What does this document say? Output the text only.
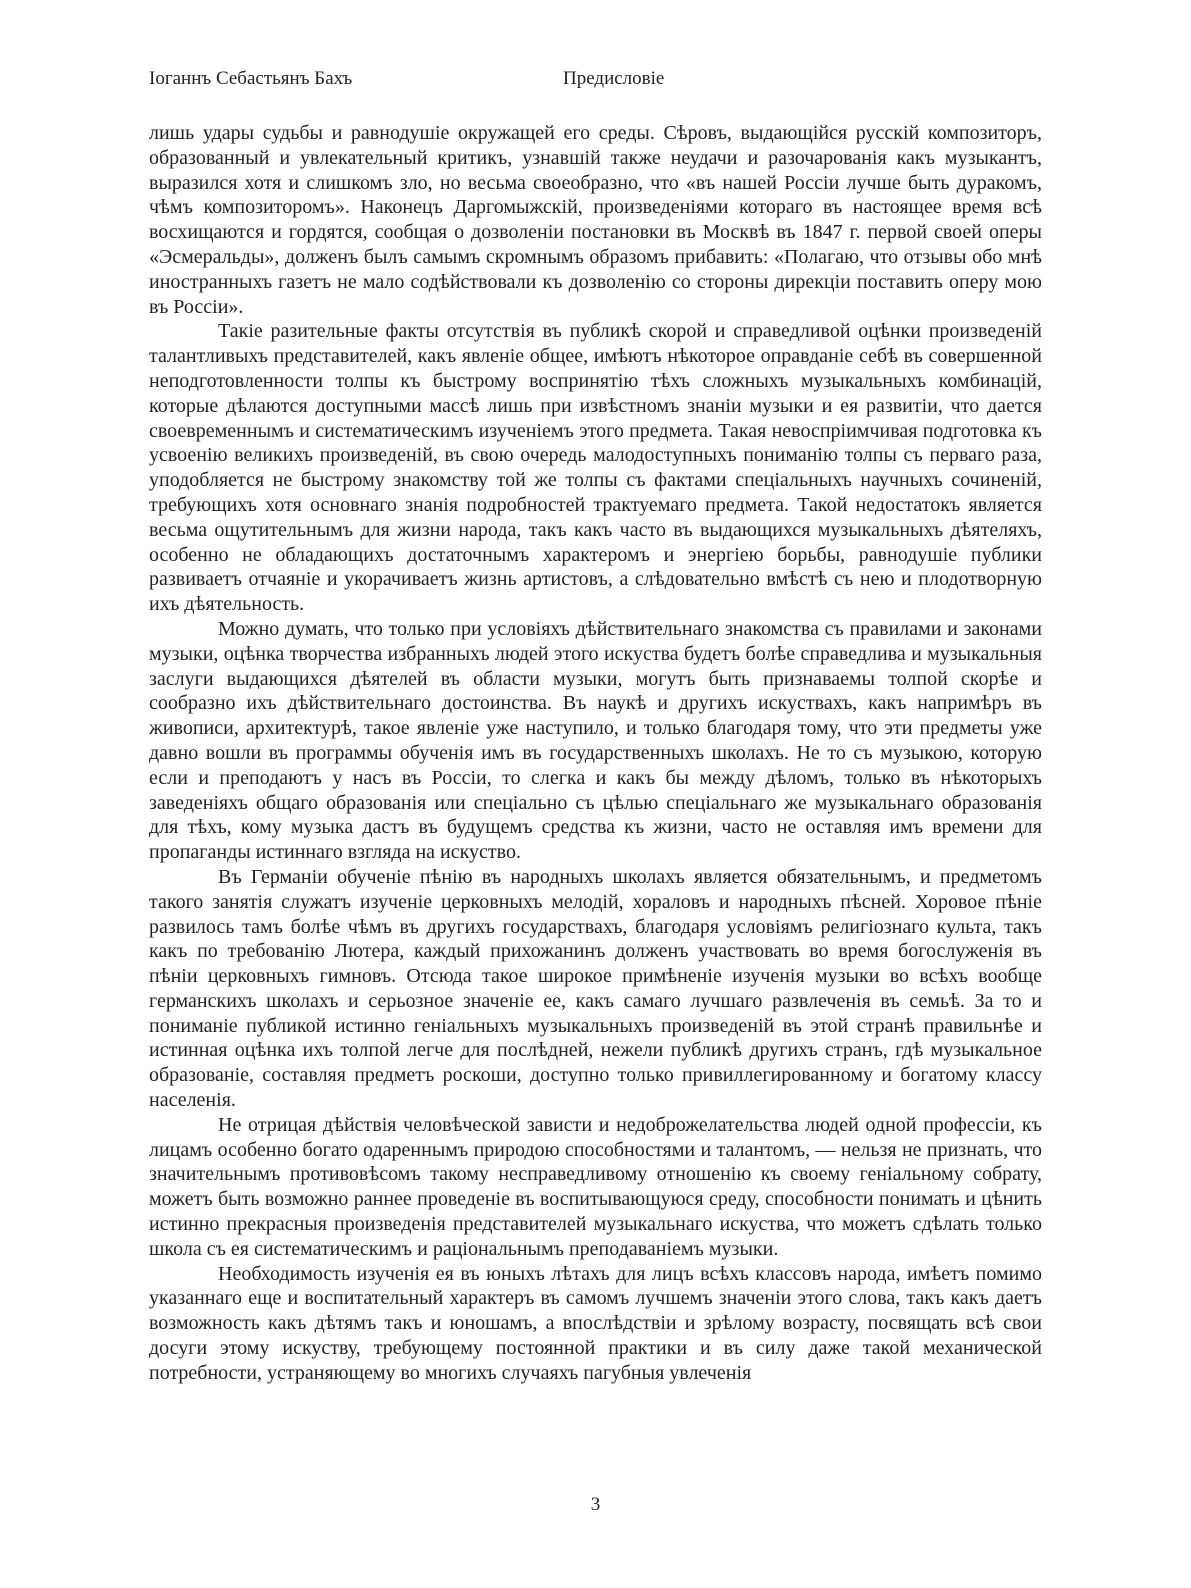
Іоганнъ Себастьянъ Бахъ	Предисловіе

лишь удары судьбы и равнодушіе окружащей его среды. Сѣровъ, выдающійся русскій композиторъ, образованный и увлекательный критикъ, узнавшій также неудачи и разочарованія какъ музыкантъ, выразился хотя и слишкомъ зло, но весьма своеобразно, что «въ нашей Россіи лучше быть дуракомъ, чѣмъ композиторомъ». Наконецъ Даргомыжскій, произведеніями котораго въ настоящее время всѣ восхищаются и гордятся, сообщая о дозволеніи постановки въ Москвѣ въ 1847 г. первой своей оперы «Эсмеральды», долженъ былъ самымъ скромнымъ образомъ прибавить: «Полагаю, что отзывы обо мнѣ иностранныхъ газетъ не мало содѣйствовали къ дозволенію со стороны дирекціи поставить оперу мою въ Россіи».

Такіе разительные факты отсутствія въ публикѣ скорой и справедливой оцѣнки произведеній талантливыхъ представителей, какъ явленіе общее, имѣютъ нѣкоторое оправданіе себѣ въ совершенной неподготовленности толпы къ быстрому воспринятію тѣхъ сложныхъ музыкальныхъ комбинацій, которые дѣлаются доступными массѣ лишь при извѣстномъ знаніи музыки и ея развитіи, что дается своевременнымъ и систематическимъ изученіемъ этого предмета. Такая невоспріимчивая подготовка къ усвоенію великихъ произведеній, въ свою очередь малодоступныхъ пониманію толпы съ перваго раза, уподобляется не быстрому знакомству той же толпы съ фактами спеціальныхъ научныхъ сочиненій, требующихъ хотя основнаго знанія подробностей трактуемаго предмета. Такой недостатокъ является весьма ощутительнымъ для жизни народа, такъ какъ часто въ выдающихся музыкальныхъ дѣятеляхъ, особенно не обладающихъ достаточнымъ характеромъ и энергіею борьбы, равнодушіе публики развиваетъ отчаяніе и укорачиваетъ жизнь артистовъ, а слѣдовательно вмѣстѣ съ нею и плодотворную ихъ дѣятельность.

Можно думать, что только при условіяхъ дѣйствительнаго знакомства съ правилами и законами музыки, оцѣнка творчества избранныхъ людей этого искуства будетъ болѣе справедлива и музыкальныя заслуги выдающихся дѣятелей въ области музыки, могутъ быть признаваемы толпой скорѣе и сообразно ихъ дѣйствительнаго достоинства. Въ наукѣ и другихъ искуствахъ, какъ напримѣръ въ живописи, архитектурѣ, такое явленіе уже наступило, и только благодаря тому, что эти предметы уже давно вошли въ программы обученія имъ въ государственныхъ школахъ. Не то съ музыкою, которую если и преподаютъ у насъ въ Россіи, то слегка и какъ бы между дѣломъ, только въ нѣкоторыхъ заведеніяхъ общаго образованія или спеціально съ цѣлью спеціальнаго же музыкальнаго образованія для тѣхъ, кому музыка дастъ въ будущемъ средства къ жизни, часто не оставляя имъ времени для пропаганды истиннаго взгляда на искуство.

Въ Германіи обученіе пѣнію въ народныхъ школахъ является обязательнымъ, и предметомъ такого занятія служатъ изученіе церковныхъ мелодій, хораловъ и народныхъ пѣсней. Хоровое пѣніе развилось тамъ болѣе чѣмъ въ другихъ государствахъ, благодаря условіямъ религіознаго культа, такъ какъ по требованію Лютера, каждый прихожанинъ долженъ участвовать во время богослуженія въ пѣніи церковныхъ гимновъ. Отсюда такое широкое примѣненіе изученія музыки во всѣхъ вообще германскихъ школахъ и серьозное значеніе ее, какъ самаго лучшаго развлеченія въ семьѣ. За то и пониманіе публикой истинно геніальныхъ музыкальныхъ произведеній въ этой странѣ правильнѣе и истинная оцѣнка ихъ толпой легче для послѣдней, нежели публикѣ другихъ странъ, гдѣ музыкальное образованіе, составляя предметъ роскоши, доступно только привиллегированному и богатому классу населенія.

Не отрицая дѣйствія человѣческой зависти и недоброжелательства людей одной профессіи, къ лицамъ особенно богато одареннымъ природою способностями и талантомъ, — нельзя не признать, что значительнымъ противовѣсомъ такому несправедливому отношенію къ своему геніальному собрату, можетъ быть возможно раннее проведеніе въ воспитывающуюся среду, способности понимать и цѣнить истинно прекрасныя произведенія представителей музыкальнаго искуства, что можетъ сдѣлать только школа съ ея систематическимъ и раціональнымъ преподаваніемъ музыки.

Необходимость изученія ея въ юныхъ лѣтахъ для лицъ всѣхъ классовъ народа, имѣетъ помимо указаннаго еще и воспитательный характеръ въ самомъ лучшемъ значеніи этого слова, такъ какъ даетъ возможность какъ дѣтямъ такъ и юношамъ, а впослѣдствіи и зрѣлому возрасту, посвящать всѣ свои досуги этому искуству, требующему постоянной практики и въ силу даже такой механической потребности, устраняющему во многихъ случаяхъ пагубныя увлеченія

3
